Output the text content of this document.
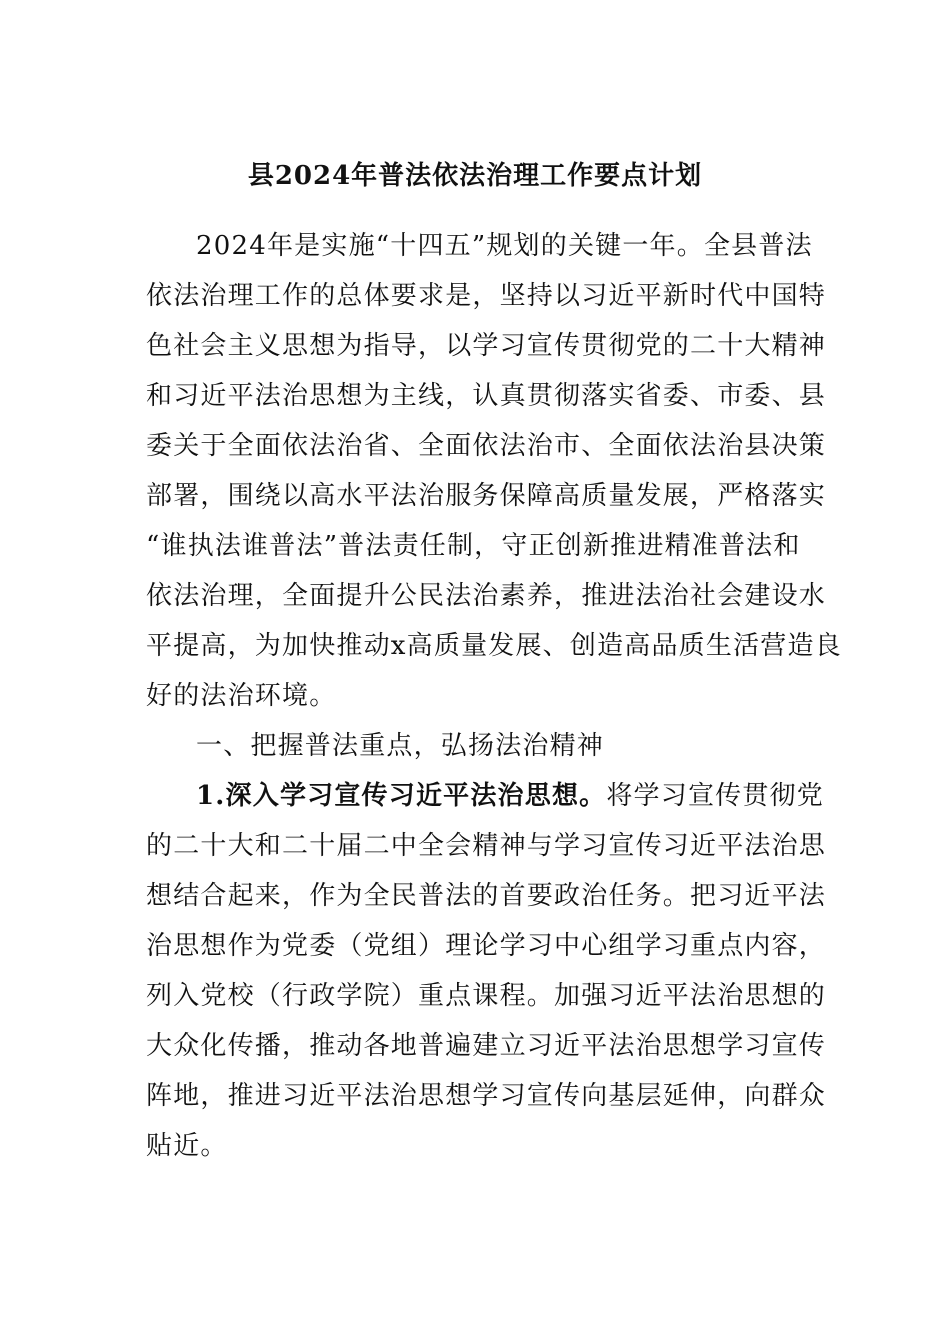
县2024年普法依法治理工作要点计划
2024年是实施“十四五”规划的关键一年。全县普法
依法治理工作的总体要求是，坚持以习近平新时代中国特
色社会主义思想为指导，以学习宣传贯彻党的二十大精神
和习近平法治思想为主线，认真贯彻落实省委、市委、县
委关于全面依法治省、全面依法治市、全面依法治县决策
部署，围绕以高水平法治服务保障高质量发展，严格落实
“谁执法谁普法”普法责任制，守正创新推进精准普法和
依法治理，全面提升公民法治素养，推进法治社会建设水
平提高，为加快推动x高质量发展、创造高品质生活营造良
好的法治环境。
一、把握普法重点，弘扬法治精神
1.深入学习宣传习近平法治思想。将学习宣传贯彻党
的二十大和二十届二中全会精神与学习宣传习近平法治思
想结合起来，作为全民普法的首要政治任务。把习近平法
治思想作为党委（党组）理论学习中心组学习重点内容，
列入党校（行政学院）重点课程。加强习近平法治思想的
大众化传播，推动各地普遍建立习近平法治思想学习宣传
阵地，推进习近平法治思想学习宣传向基层延伸，向群众
贴近。
